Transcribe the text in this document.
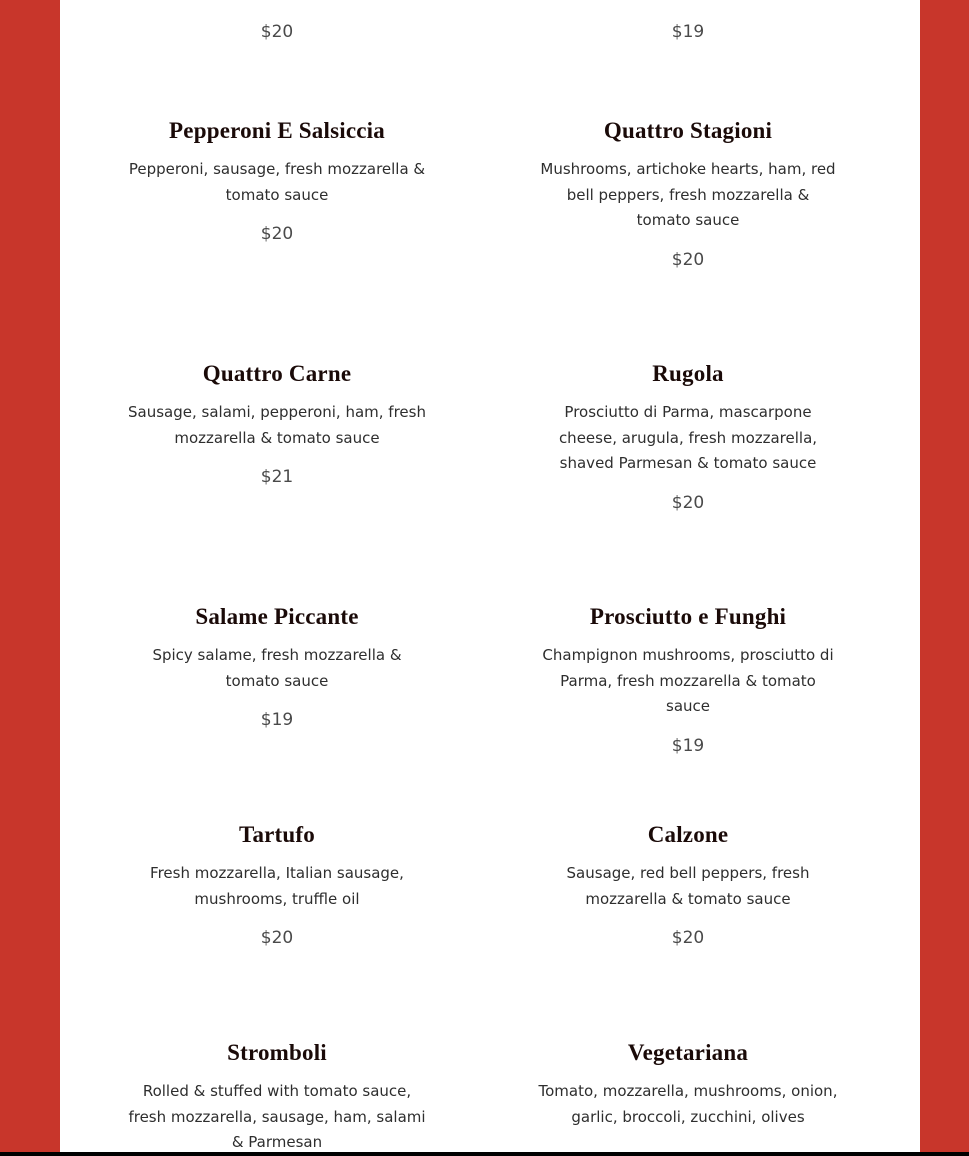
$20	$19
Pepperoni E Salsiccia

Pepperoni, sausage, fresh mozzarella & tomato sauce

$20
Quattro Stagioni

Mushrooms, artichoke hearts, ham, red bell peppers, fresh mozzarella & tomato sauce

$20
Quattro Carne

Sausage, salami, pepperoni, ham, fresh mozzarella & tomato sauce

$21
Rugola

Prosciutto di Parma, mascarpone cheese, arugula, fresh mozzarella, shaved Parmesan & tomato sauce

$20
Salame Piccante

Spicy salame, fresh mozzarella & tomato sauce

$19
Prosciutto e Funghi

Champignon mushrooms, prosciutto di Parma, fresh mozzarella & tomato sauce

$19
Tartufo

Fresh mozzarella, Italian sausage, mushrooms, truffle oil

$20
Calzone

Sausage, red bell peppers, fresh mozzarella & tomato sauce

$20
Stromboli

Rolled & stuffed with tomato sauce, fresh mozzarella, sausage, ham, salami & Parmesan

Vegetariana

Tomato, mozzarella, mushrooms, onion, garlic, broccoli, zucchini, olives
